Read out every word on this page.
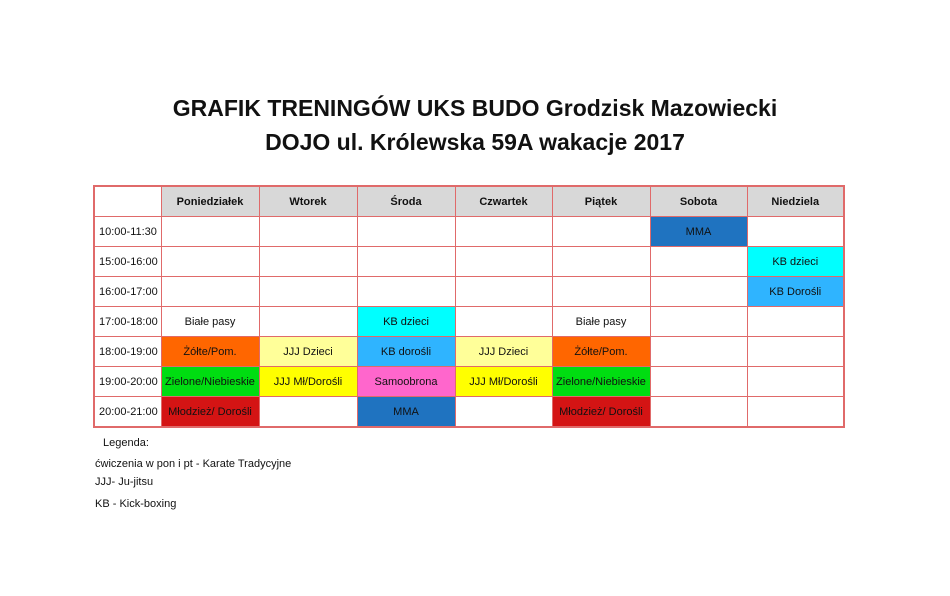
GRAFIK TRENINGÓW UKS BUDO Grodzisk Mazowiecki
DOJO ul. Królewska 59A wakacje 2017
	Poniedziałek	Wtorek	Środa	Czwartek	Piątek	Sobota	Niedziela
10:00-11:30						MMA	
15:00-16:00							KB dzieci
16:00-17:00							KB Dorośli
17:00-18:00	Białe pasy		KB dzieci		Białe pasy		
18:00-19:00	Żółte/Pom.	JJJ Dzieci	KB dorośli	JJJ Dzieci	Żółte/Pom.		
19:00-20:00	Zielone/Niebieskie	JJJ Mł/Dorośli	Samoobrona	JJJ Mł/Dorośli	Zielone/Niebieskie		
20:00-21:00	Młodzież/ Dorośli		MMA		Młodzież/ Dorośli		
Legenda:
ćwiczenia w pon i pt - Karate Tradycyjne
JJJ- Ju-jitsu
KB - Kick-boxing
